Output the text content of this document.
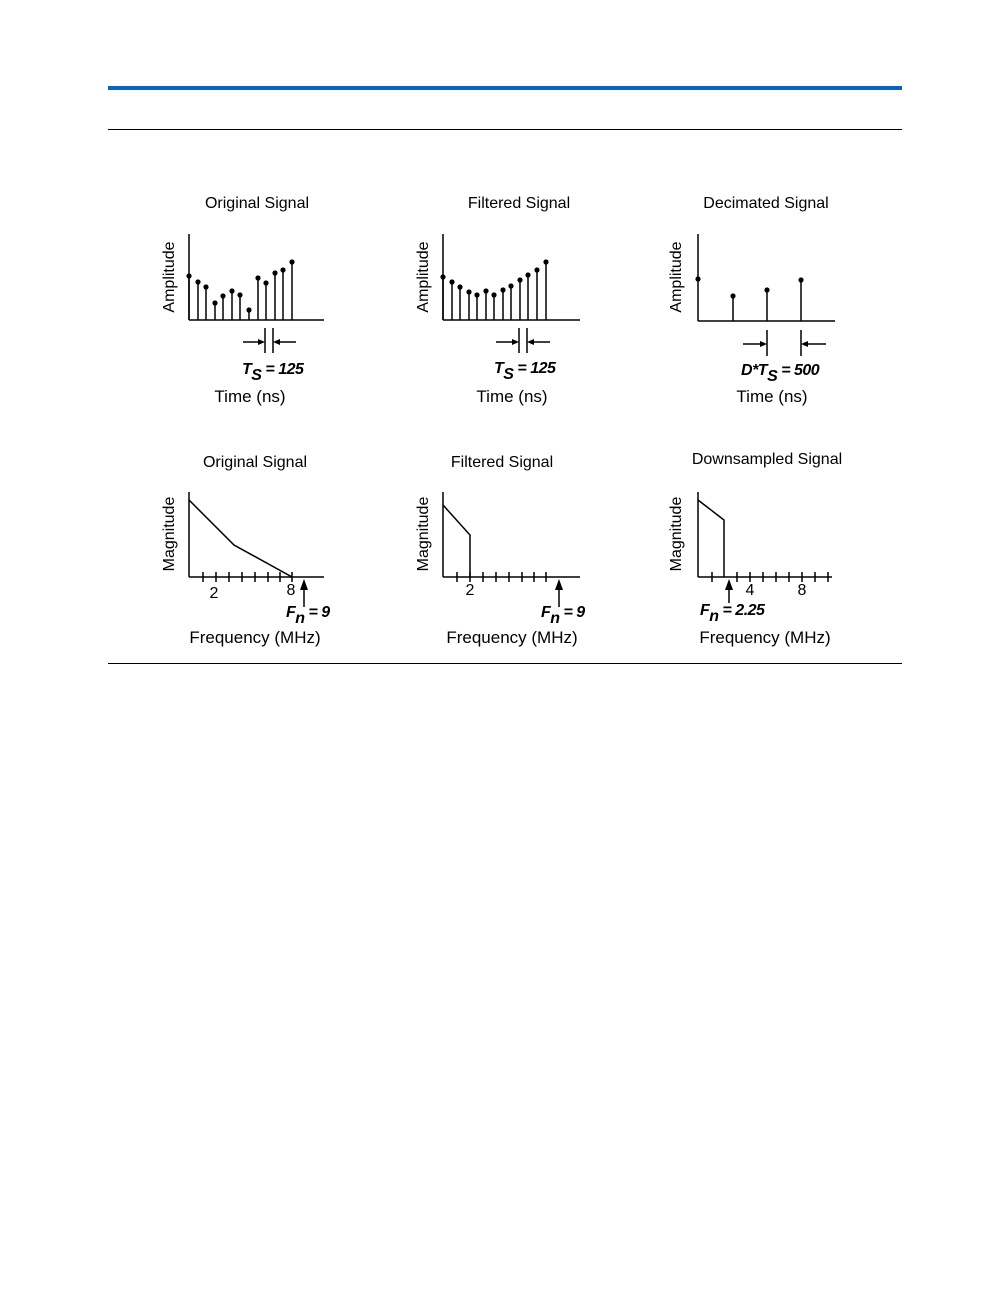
Original Signal
Amplitude
TS = 125
Time (ns)
Filtered Signal
Amplitude
TS = 125
Time (ns)
Decimated Signal
Amplitude
D*TS = 500
Time (ns)
Original Signal
Magnitude
2	8
Fn = 9
Frequency (MHz)
Filtered Signal
Magnitude
2
Fn = 9
Frequency (MHz)
Downsampled Signal
Magnitude
4	8
Fn = 2.25
Frequency (MHz)
